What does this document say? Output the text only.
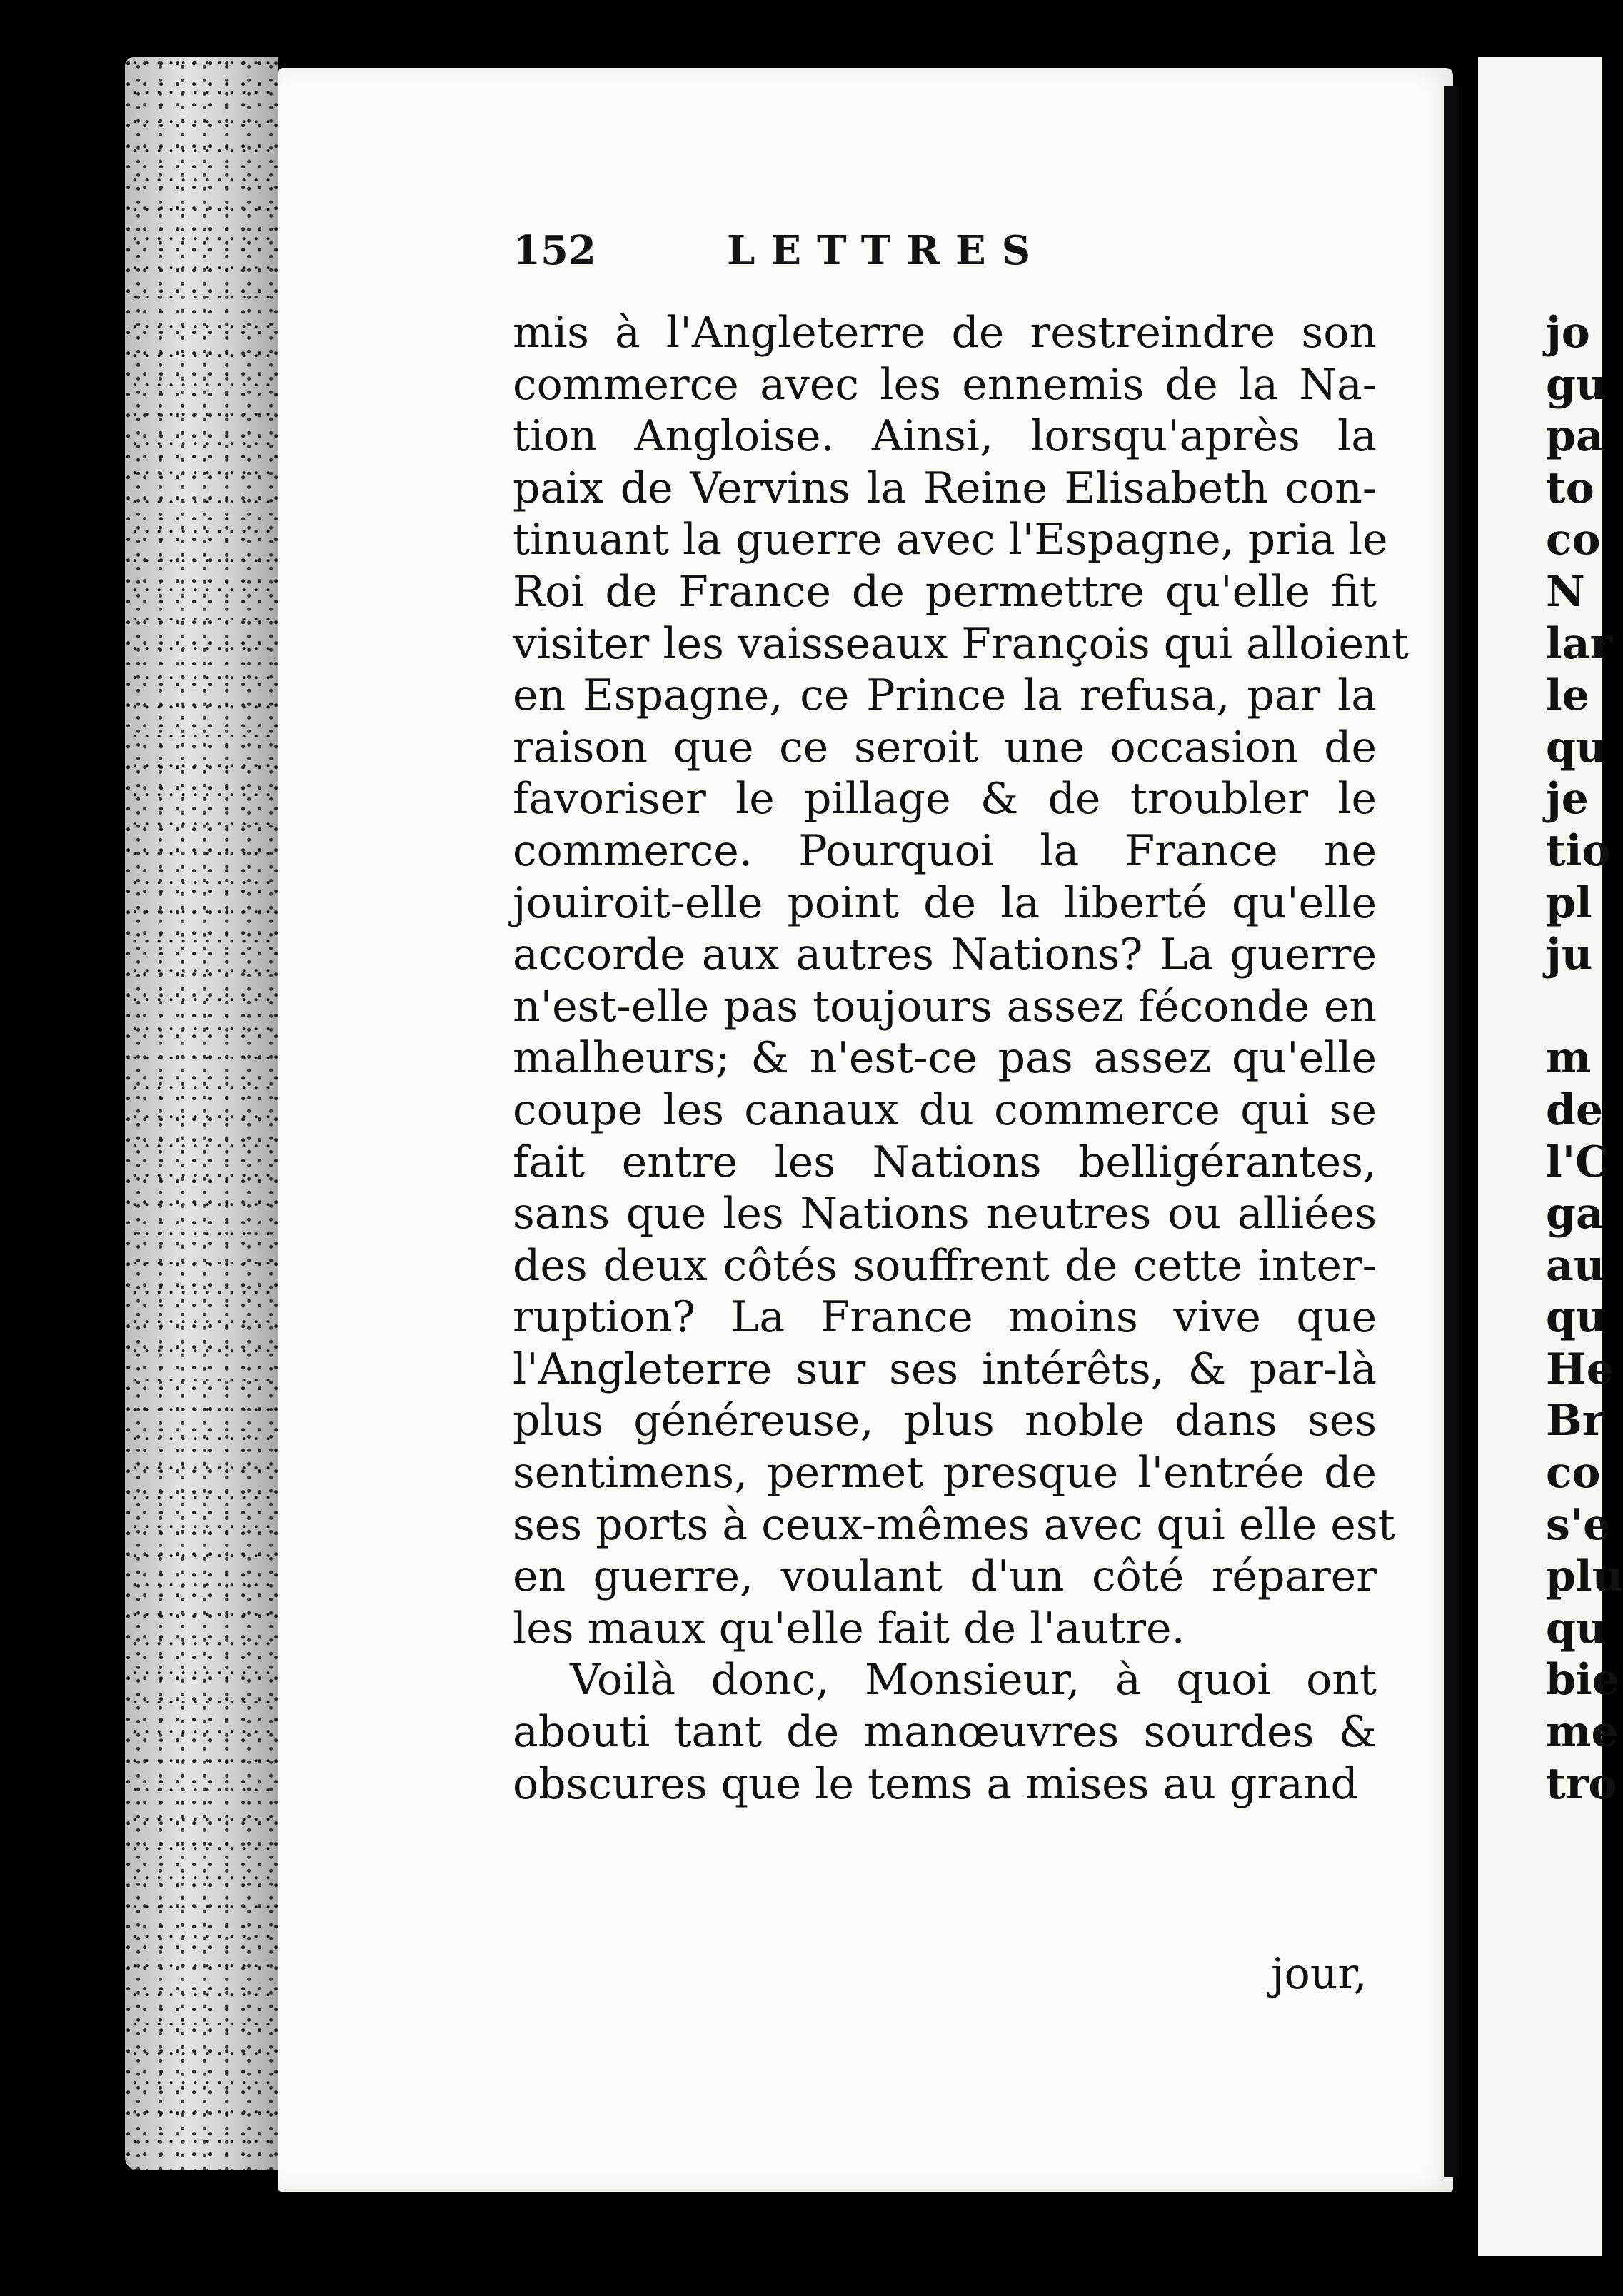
152	LETTRES
mis à l'Angleterre de restreindre son
commerce avec les ennemis de la Na-
tion Angloise. Ainsi, lorsqu'après la
paix de Vervins la Reine Elisabeth con-
tinuant la guerre avec l'Espagne, pria le
Roi de France de permettre qu'elle fit
visiter les vaisseaux François qui alloient
en Espagne, ce Prince la refusa, par la
raison que ce seroit une occasion de
favoriser le pillage & de troubler le
commerce. Pourquoi la France ne
jouiroit-elle point de la liberté qu'elle
accorde aux autres Nations? La guerre
n'est-elle pas toujours assez féconde en
malheurs; & n'est-ce pas assez qu'elle
coupe les canaux du commerce qui se
fait entre les Nations belligérantes,
sans que les Nations neutres ou alliées
des deux côtés souffrent de cette inter-
ruption? La France moins vive que
l'Angleterre sur ses intérêts, & par-là
plus généreuse, plus noble dans ses
sentimens, permet presque l'entrée de
ses ports à ceux-mêmes avec qui elle est
en guerre, voulant d'un côté réparer
les maux qu'elle fait de l'autre.
Voilà donc, Monsieur, à quoi ont
abouti tant de manœuvres sourdes &
obscures que le tems a mises au grand
jour,
jo
gu
pa
to
co
N
lar
le
qu
je
tio
pl
ju
m
de
l'C
ga
au
qu
He
Br
co
s'e
plu
qu
bie
me
tro
